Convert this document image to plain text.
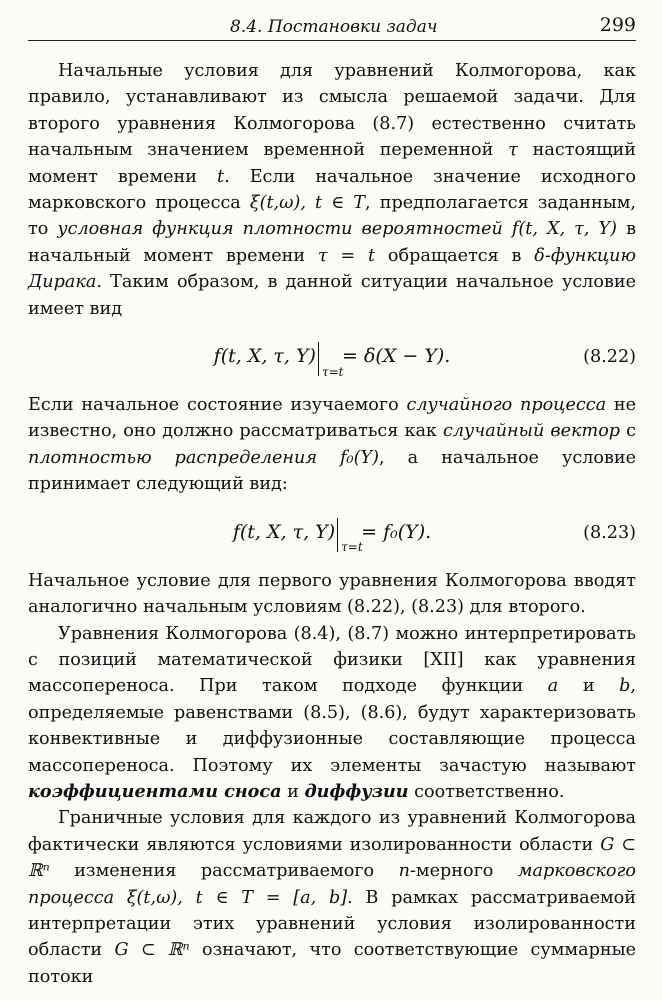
8.4. Постановки задач	299

Начальные условия для уравнений Колмогорова, как правило, устанавливают из смысла решаемой задачи. Для второго уравнения Колмогорова (8.7) естественно считать начальным значением временной переменной τ настоящий момент времени t. Если начальное значение исходного марковского процесса ξ(t,ω), t ∈ T, предполагается заданным, то условная функция плотности вероятностей f(t, X, τ, Y) в начальный момент времени τ = t обращается в δ-функцию Дирака. Таким образом, в данной ситуации начальное условие имеет вид

f(t, X, τ, Y)
τ=t
= δ(X − Y).	(8.22)

Если начальное состояние изучаемого случайного процесса не известно, оно должно рассматриваться как случайный вектор с плотностью распределения f₀(Y), а начальное условие принимает следующий вид:

f(t, X, τ, Y)
τ=t
= f₀(Y).	(8.23)

Начальное условие для первого уравнения Колмогорова вводят аналогично начальным условиям (8.22), (8.23) для второго.

Уравнения Колмогорова (8.4), (8.7) можно интерпретировать с позиций математической физики [XII] как уравнения массопереноса. При таком подходе функции a и b, определяемые равенствами (8.5), (8.6), будут характеризовать конвективные и диффузионные составляющие процесса массопереноса. Поэтому их элементы зачастую называют коэффициентами сноса и диффузии соответственно.

Граничные условия для каждого из уравнений Колмогорова фактически являются условиями изолированности области G ⊂ ℝⁿ изменения рассматриваемого n-мерного марковского процесса ξ(t,ω), t ∈ T = [a, b]. В рамках рассматриваемой интерпретации этих уравнений условия изолированности области G ⊂ ℝⁿ означают, что соответствующие суммарные потоки
